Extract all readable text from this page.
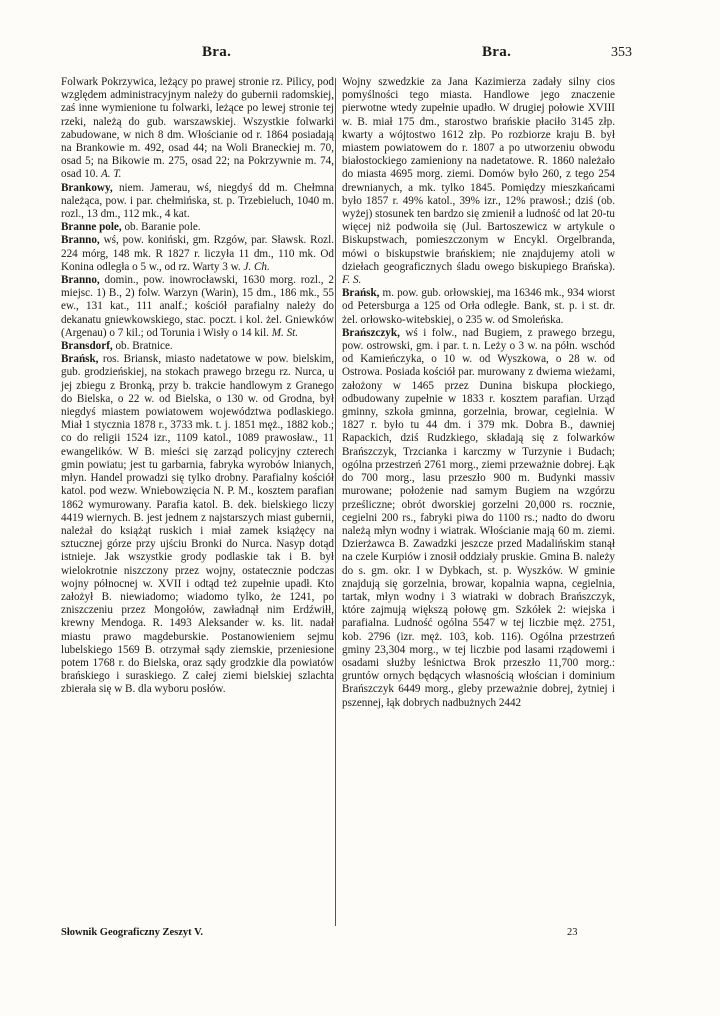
Bra.	Bra.	353

Folwark Pokrzywica, leżący po prawej stronie rz. Pilicy, pod względem administracyjnym należy do gubernii radomskiej, zaś inne wymienione tu folwarki, leżące po lewej stronie tej rzeki, należą do gub. warszawskiej. Wszystkie folwarki zabudowane, w nich 8 dm. Włościanie od r. 1864 posiadają na Brankowie m. 492, osad 44; na Woli Braneckiej m. 70, osad 5; na Bikowie m. 275, osad 22; na Pokrzywnie m. 74, osad 10. A. T.

Brankowy, niem. Jamerau, wś, niegdyś dd m. Chełmna należąca, pow. i par. chełmińska, st. p. Trzebieluch, 1040 m. rozl., 13 dm., 112 mk., 4 kat.

Branne pole, ob. Baranie pole.

Branno, wś, pow. koniński, gm. Rzgów, par. Sławsk. Rozl. 224 mórg, 148 mk. R 1827 r. liczyła 11 dm., 110 mk. Od Konina odległa o 5 w., od rz. Warty 3 w. J. Ch.

Branno, domin., pow. inowrocławski, 1630 morg. rozl., 2 miejsc. 1) B., 2) folw. Warzyn (Warin), 15 dm., 186 mk., 55 ew., 131 kat., 111 analf.; kościół parafialny należy do dekanatu gniewkowskiego, stac. poczt. i kol. żel. Gniewków (Argenau) o 7 kil.; od Torunia i Wisły o 14 kil. M. St.

Bransdorf, ob. Bratnice.

Brańsk, ros. Briansk, miasto nadetatowe w pow. bielskim, gub. grodzieńskiej, na stokach prawego brzegu rz. Nurca, u jej zbiegu z Bronką, przy b. trakcie handlowym z Granego do Bielska, o 22 w. od Bielska, o 130 w. od Grodna, był niegdyś miastem powiatowem województwa podlaskiego. Miał 1 stycznia 1878 r., 3733 mk. t. j. 1851 męż., 1882 kob.; co do religii 1524 izr., 1109 katol., 1089 prawosław., 11 ewangelików. W B. mieści się zarząd policyjny czterech gmin powiatu; jest tu garbarnia, fabryka wyrobów lnianych, młyn. Handel prowadzi się tylko drobny. Parafialny kościół katol. pod wezw. Wniebowzięcia N. P. M., kosztem parafian 1862 wymurowany. Parafia katol. B. dek. bielskiego liczy 4419 wiernych. B. jest jednem z najstarszych miast gubernii, należał do książąt ruskich i miał zamek książęcy na sztucznej górze przy ujściu Bronki do Nurca. Nasyp dotąd istnieje. Jak wszystkie grody podlaskie tak i B. był wielokrotnie niszczony przez wojny, ostatecznie podczas wojny północnej w. XVII i odtąd też zupełnie upadł. Kto założył B. niewiadomo; wiadomo tylko, że 1241, po zniszczeniu przez Mongołów, zawładnął nim Erdźwiłł, krewny Mendoga. R. 1493 Aleksander w. ks. lit. nadał miastu prawo magdeburskie. Postanowieniem sejmu lubelskiego 1569 B. otrzymał sądy ziemskie, przeniesione potem 1768 r. do Bielska, oraz sądy grodzkie dla powiatów brańskiego i suraskiego. Z całej ziemi bielskiej szlachta zbierała się w B. dla wyboru posłów.

Wojny szwedzkie za Jana Kazimierza zadały silny cios pomyślności tego miasta. Handlowe jego znaczenie pierwotne wtedy zupełnie upadło. W drugiej połowie XVIII w. B. miał 175 dm., starostwo brańskie płaciło 3145 złp. kwarty a wójtostwo 1612 złp. Po rozbiorze kraju B. był miastem powiatowem do r. 1807 a po utworzeniu obwodu białostockiego zamieniony na nadetatowe. R. 1860 należało do miasta 4695 morg. ziemi. Domów było 260, z tego 254 drewnianych, a mk. tylko 1845. Pomiędzy mieszkańcami było 1857 r. 49% katol., 39% izr., 12% prawosł.; dziś (ob. wyżej) stosunek ten bardzo się zmienił a ludność od lat 20-tu więcej niż podwoiła się (Jul. Bartoszewicz w artykule o Biskupstwach, pomieszczonym w Encykl. Orgelbranda, mówi o biskupstwie brańskiem; nie znajdujemy atoli w dziełach geograficznych śladu owego biskupiego Brańska). F. S.

Brańsk, m. pow. gub. orłowskiej, ma 16346 mk., 934 wiorst od Petersburga a 125 od Orła odległe. Bank, st. p. i st. dr. żel. orłowsko-witebskiej, o 235 w. od Smoleńska.

Brańszczyk, wś i folw., nad Bugiem, z prawego brzegu, pow. ostrowski, gm. i par. t. n. Leży o 3 w. na półn. wschód od Kamieńczyka, o 10 w. od Wyszkowa, o 28 w. od Ostrowa. Posiada kościół par. murowany z dwiema wieżami, założony w 1465 przez Dunina biskupa płockiego, odbudowany zupełnie w 1833 r. kosztem parafian. Urząd gminny, szkoła gminna, gorzelnia, browar, cegielnia. W 1827 r. było tu 44 dm. i 379 mk. Dobra B., dawniej Rapackich, dziś Rudzkiego, składają się z folwarków Brańszczyk, Trzcianka i karczmy w Turzynie i Budach; ogólna przestrzeń 2761 morg., ziemi przeważnie dobrej. Łąk do 700 morg., lasu przeszło 900 m. Budynki massiv murowane; położenie nad samym Bugiem na wzgórzu prześliczne; obrót dworskiej gorzelni 20,000 rs. rocznie, cegielni 200 rs., fabryki piwa do 1100 rs.; nadto do dworu należą młyn wodny i wiatrak. Włościanie mają 60 m. ziemi. Dzierżawca B. Zawadzki jeszcze przed Madalińskim stanął na czele Kurpiów i znosił oddziały pruskie. Gmina B. należy do s. gm. okr. I w Dybkach, st. p. Wyszków. W gminie znajdują się gorzelnia, browar, kopalnia wapna, cegielnia, tartak, młyn wodny i 3 wiatraki w dobrach Brańszczyk, które zajmują większą połowę gm. Szkółek 2: wiejska i parafialna. Ludność ogólna 5547 w tej liczbie męż. 2751, kob. 2796 (izr. męż. 103, kob. 116). Ogólna przestrzeń gminy 23,304 morg., w tej liczbie pod lasami rządowemi i osadami służby leśnictwa Brok przeszło 11,700 morg.: gruntów ornych będących własnością włościan i dominium Brańszczyk 6449 morg., gleby przeważnie dobrej, żytniej i pszennej, łąk dobrych nadbużnych 2442

Słownik Geograficzny Zeszyt V.	23
